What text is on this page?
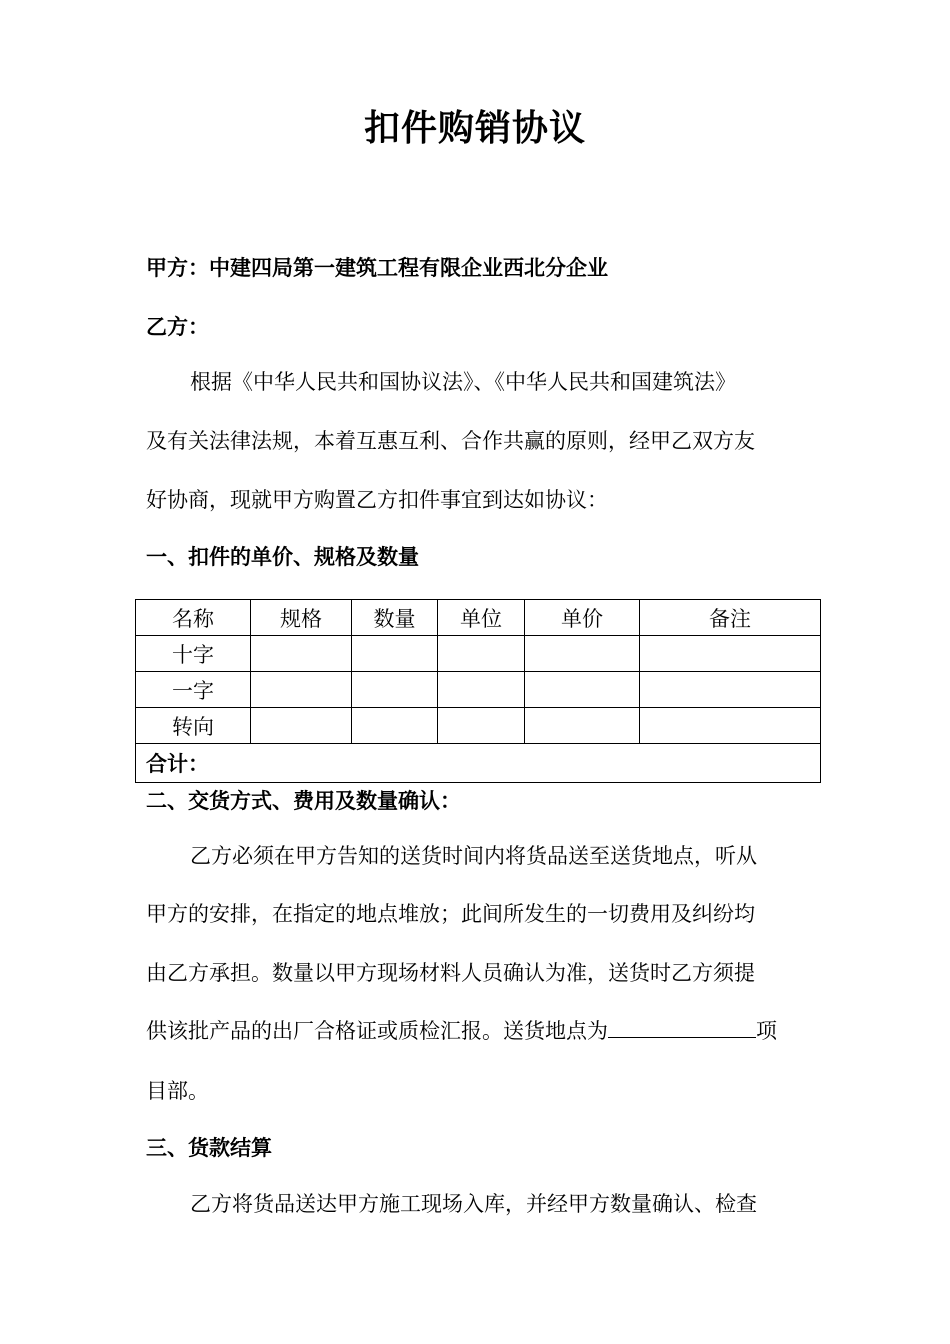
扣件购销协议
甲方：中建四局第一建筑工程有限企业西北分企业
乙方：
根据《中华人民共和国协议法》、《中华人民共和国建筑法》
及有关法律法规，本着互惠互利、合作共赢的原则，经甲乙双方友
好协商，现就甲方购置乙方扣件事宜到达如协议：
一、扣件的单价、规格及数量
名称	规格	数量	单位	单价	备注
十字					
一字					
转向					
合计：					
二、交货方式、费用及数量确认：
乙方必须在甲方告知的送货时间内将货品送至送货地点，听从
甲方的安排，在指定的地点堆放；此间所发生的一切费用及纠纷均
由乙方承担。数量以甲方现场材料人员确认为准，送货时乙方须提
供该批产品的出厂合格证或质检汇报。送货地点为	项
目部。
三、货款结算
乙方将货品送达甲方施工现场入库，并经甲方数量确认、检查
